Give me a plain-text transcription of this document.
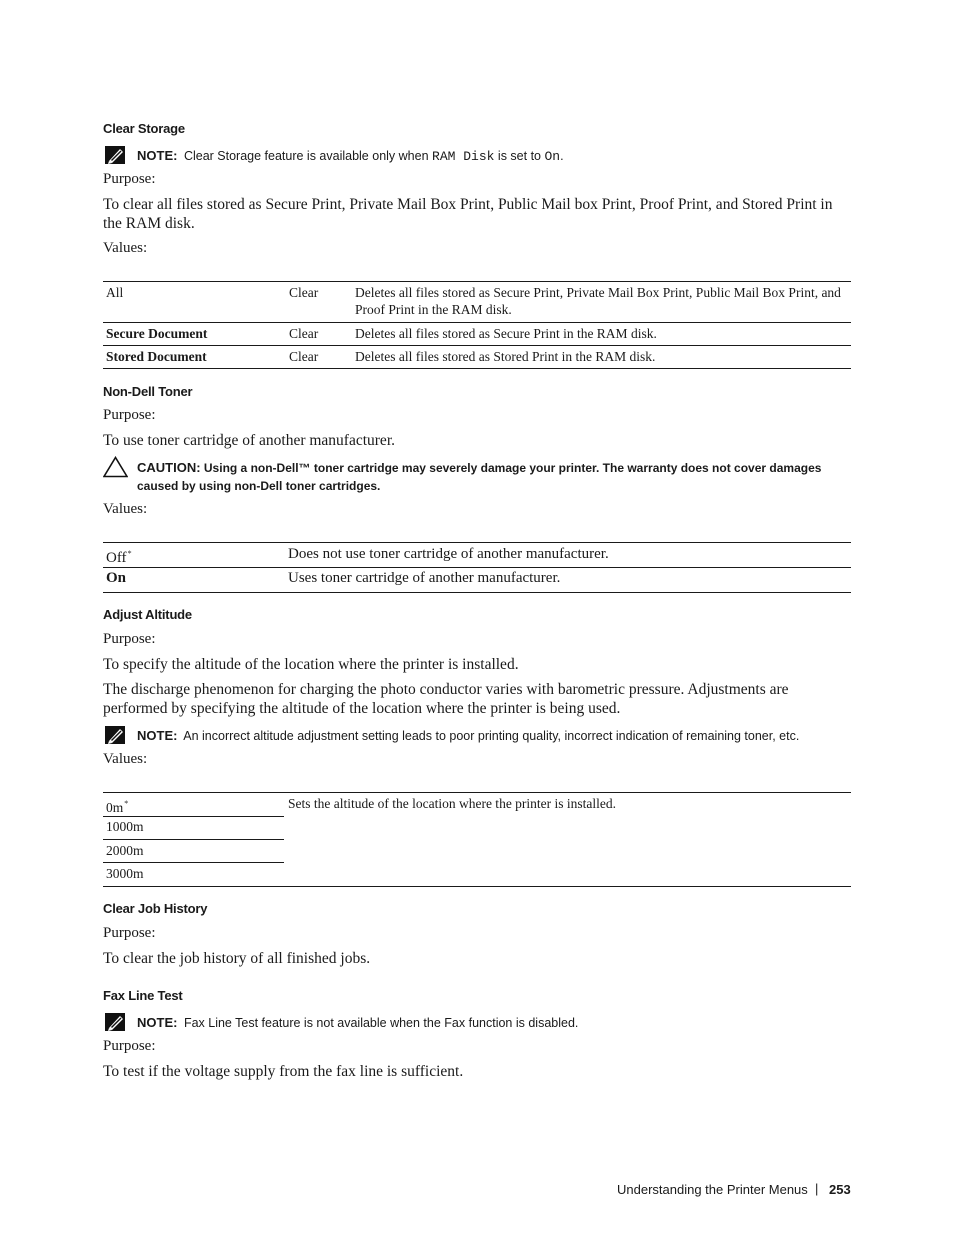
Clear Storage
NOTE: Clear Storage feature is available only when RAM Disk is set to On.
Purpose:
To clear all files stored as Secure Print, Private Mail Box Print, Public Mail box Print, Proof Print, and Stored Print in the RAM disk.
Values:
All	Clear	Deletes all files stored as Secure Print, Private Mail Box Print, Public Mail Box Print, and Proof Print in the RAM disk.
Secure Document	Clear	Deletes all files stored as Secure Print in the RAM disk.
Stored Document	Clear	Deletes all files stored as Stored Print in the RAM disk.
Non-Dell Toner
Purpose:
To use toner cartridge of another manufacturer.
CAUTION: Using a non-Dell™ toner cartridge may severely damage your printer. The warranty does not cover damages caused by using non-Dell toner cartridges.
Values:
Off*	Does not use toner cartridge of another manufacturer.
On	Uses toner cartridge of another manufacturer.
Adjust Altitude
Purpose:
To specify the altitude of the location where the printer is installed.
The discharge phenomenon for charging the photo conductor varies with barometric pressure. Adjustments are performed by specifying the altitude of the location where the printer is being used.
NOTE: An incorrect altitude adjustment setting leads to poor printing quality, incorrect indication of remaining toner, etc.
Values:
0m*	Sets the altitude of the location where the printer is installed.
1000m
2000m
3000m
Clear Job History
Purpose:
To clear the job history of all finished jobs.
Fax Line Test
NOTE: Fax Line Test feature is not available when the Fax function is disabled.
Purpose:
To test if the voltage supply from the fax line is sufficient.
Understanding the Printer Menus | 253
